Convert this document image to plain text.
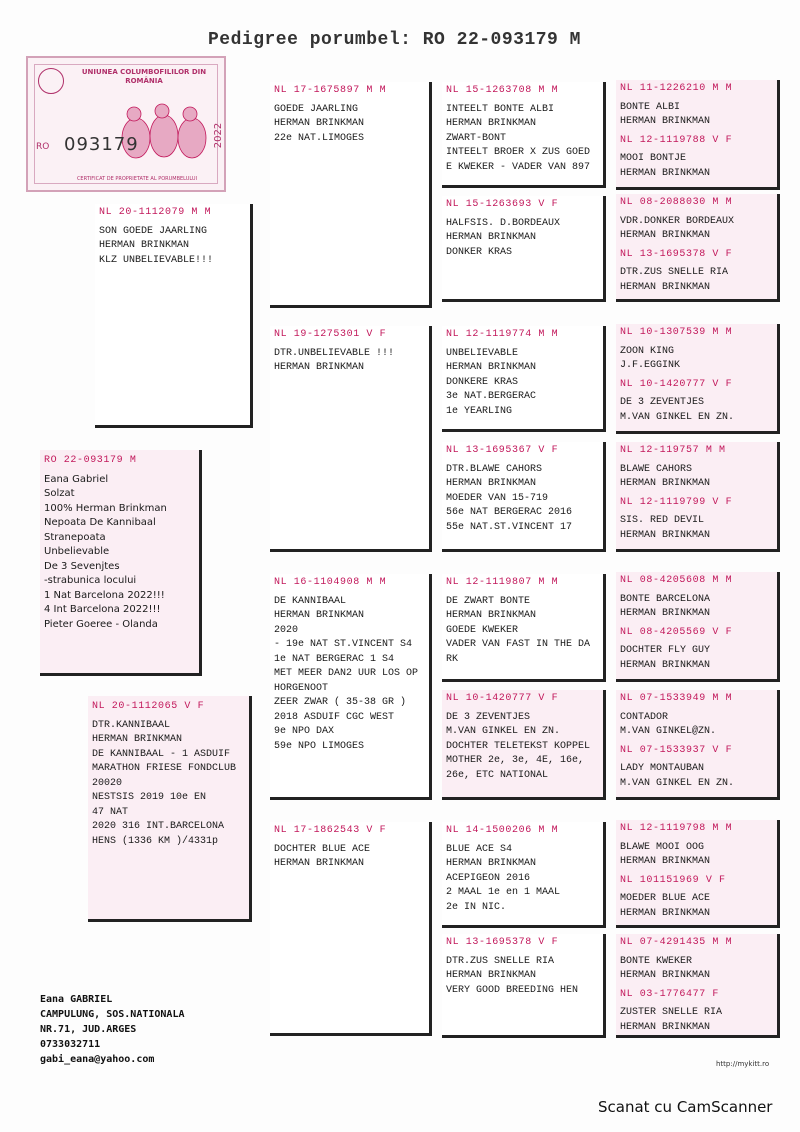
Pedigree porumbel: RO 22-093179 M
UNIUNEA COLUMBOFILILOR DIN ROMÂNIA
RO 093179	2022
CERTIFICAT DE PROPRIETATE AL PORUMBELULUI
RO 22-093179 M
Eana Gabriel
Solzat
100% Herman Brinkman
Nepoata De Kannibaal
Stranepoata
Unbelievable
De 3 Sevenjtes
-strabunica locului
1 Nat Barcelona 2022!!!
4 Int Barcelona 2022!!!
Pieter Goeree - Olanda
NL 20-1112079 M M
SON GOEDE JAARLING
HERMAN BRINKMAN
KLZ UNBELIEVABLE!!!
NL 20-1112065 V F
DTR.KANNIBAAL
HERMAN BRINKMAN
DE KANNIBAAL - 1 ASDUIF
MARATHON FRIESE FONDCLUB
20020
NESTSIS 2019 10e EN
47 NAT
2020 316 INT.BARCELONA
HENS (1336 KM )/4331p
NL 17-1675897 M M
GOEDE JAARLING
HERMAN BRINKMAN
22e NAT.LIMOGES
NL 19-1275301 V F
DTR.UNBELIEVABLE !!!
HERMAN BRINKMAN
NL 16-1104908 M M
DE KANNIBAAL
HERMAN BRINKMAN
2020
- 19e NAT ST.VINCENT S4
1e NAT BERGERAC 1 S4
MET MEER DAN2 UUR LOS OP
HORGENOOT
ZEER ZWAR ( 35-38 GR )
2018 ASDUIF CGC WEST
9e NPO DAX
59e NPO LIMOGES
NL 17-1862543 V F
DOCHTER BLUE ACE
HERMAN BRINKMAN
NL 15-1263708 M M
INTEELT BONTE ALBI
HERMAN BRINKMAN
ZWART-BONT
INTEELT BROER X ZUS GOED
E KWEKER - VADER VAN 897
NL 15-1263693 V F
HALFSIS. D.BORDEAUX
HERMAN BRINKMAN
DONKER KRAS
NL 12-1119774 M M
UNBELIEVABLE
HERMAN BRINKMAN
DONKERE KRAS
3e NAT.BERGERAC
1e YEARLING
NL 13-1695367 V F
DTR.BLAWE CAHORS
HERMAN BRINKMAN
MOEDER VAN 15-719
56e NAT BERGERAC 2016
55e NAT.ST.VINCENT 17
NL 12-1119807 M M
DE ZWART BONTE
HERMAN BRINKMAN
GOEDE KWEKER
VADER VAN FAST IN THE DA
RK
NL 10-1420777 V F
DE 3 ZEVENTJES
M.VAN GINKEL EN ZN.
DOCHTER TELETEKST KOPPEL
MOTHER 2e, 3e, 4E, 16e,
26e, ETC NATIONAL
NL 14-1500206 M M
BLUE ACE S4
HERMAN BRINKMAN
ACEPIGEON 2016
2 MAAL 1e en 1 MAAL
2e IN NIC.
NL 13-1695378 V F
DTR.ZUS SNELLE RIA
HERMAN BRINKMAN
VERY GOOD BREEDING HEN
NL 11-1226210 M M
BONTE ALBI
HERMAN BRINKMAN
NL 12-1119788 V F
MOOI BONTJE
HERMAN BRINKMAN
NL 08-2088030 M M
VDR.DONKER BORDEAUX
HERMAN BRINKMAN
NL 13-1695378 V F
DTR.ZUS SNELLE RIA
HERMAN BRINKMAN
NL 10-1307539 M M
ZOON KING
J.F.EGGINK
NL 10-1420777 V F
DE 3 ZEVENTJES
M.VAN GINKEL EN ZN.
NL 12-119757 M M
BLAWE CAHORS
HERMAN BRINKMAN
NL 12-1119799 V F
SIS. RED DEVIL
HERMAN BRINKMAN
NL 08-4205608 M M
BONTE BARCELONA
HERMAN BRINKMAN
NL 08-4205569 V F
DOCHTER FLY GUY
HERMAN BRINKMAN
NL 07-1533949 M M
CONTADOR
M.VAN GINKEL@ZN.
NL 07-1533937 V F
LADY MONTAUBAN
M.VAN GINKEL EN ZN.
NL 12-1119798 M M
BLAWE MOOI OOG
HERMAN BRINKMAN
NL 101151969 V F
MOEDER BLUE ACE
HERMAN BRINKMAN
NL 07-4291435 M M
BONTE KWEKER
HERMAN BRINKMAN
NL 03-1776477 F
ZUSTER SNELLE RIA
HERMAN BRINKMAN
Eana GABRIEL
CAMPULUNG, SOS.NATIONALA
NR.71, JUD.ARGES
0733032711
gabi_eana@yahoo.com	http://mykitt.ro
Scanat cu CamScanner
